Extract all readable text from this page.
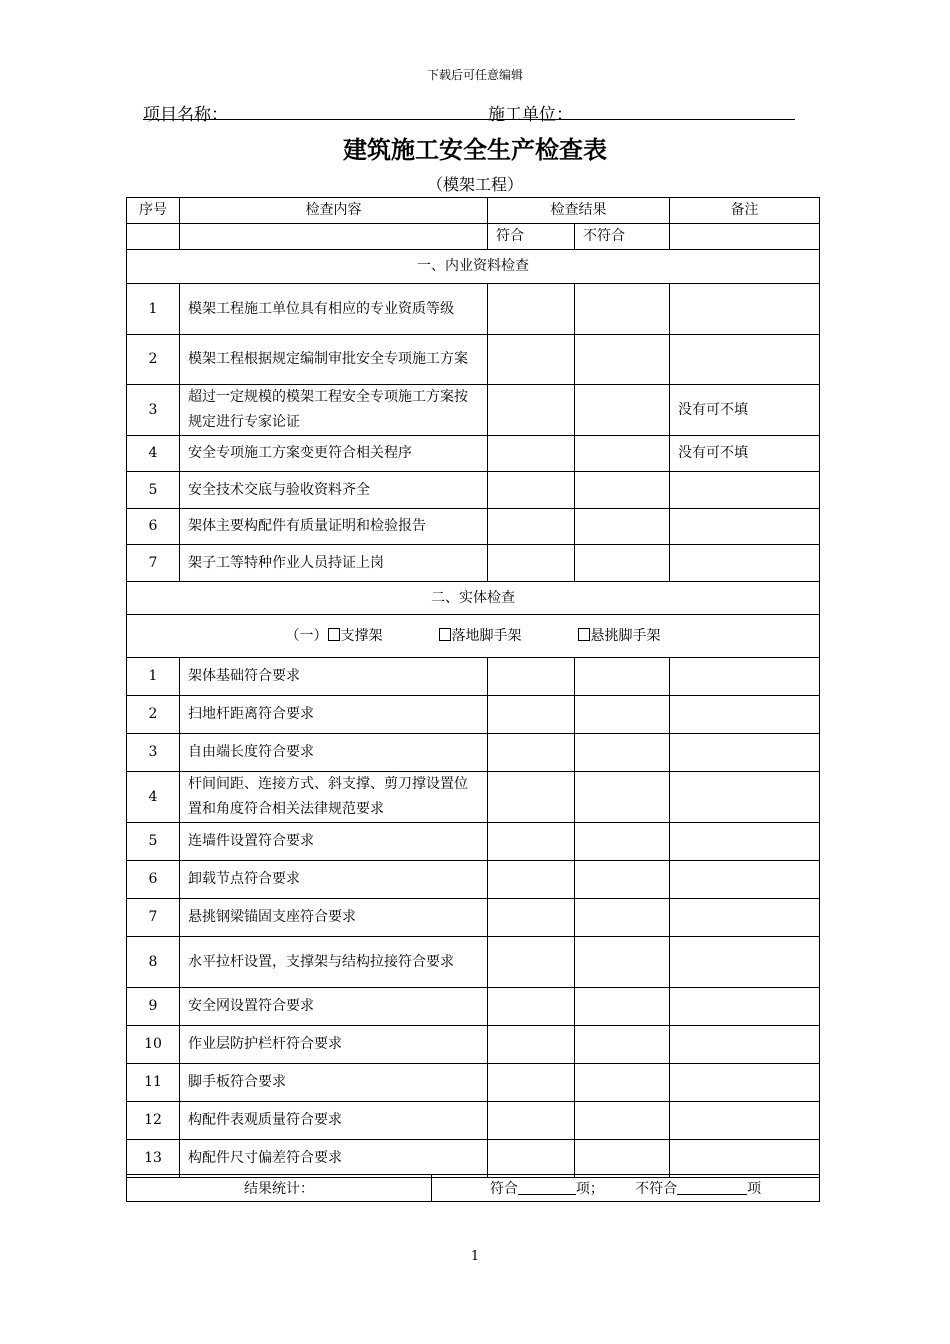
下载后可任意编辑
项目名称：	施工单位：
建筑施工安全生产检查表
（模架工程）
序号	检查内容	检查结果		备注
		符合	不符合	
一、内业资料检查				
1	模架工程施工单位具有相应的专业资质等级			
2	模架工程根据规定编制审批安全专项施工方案			
3	超过一定规模的模架工程安全专项施工方案按规定进行专家论证			没有可不填
4	安全专项施工方案变更符合相关程序			没有可不填
5	安全技术交底与验收资料齐全			
6	架体主要构配件有质量证明和检验报告			
7	架子工等特种作业人员持证上岗			
二、实体检查				
（一） 支撑架 落地脚手架 悬挑脚手架				
1	架体基础符合要求			
2	扫地杆距离符合要求			
3	自由端长度符合要求			
4	杆间间距、连接方式、斜支撑、剪刀撑设置位置和角度符合相关法律规范要求			
5	连墙件设置符合要求			
6	卸载节点符合要求			
7	悬挑钢梁锚固支座符合要求			
8	水平拉杆设置，支撑架与结构拉接符合要求			
9	安全网设置符合要求			
10	作业层防护栏杆符合要求			
11	脚手板符合要求			
12	构配件表观质量符合要求			
13	构配件尺寸偏差符合要求			
结果统计：	符合	项； 不符合	项
1
